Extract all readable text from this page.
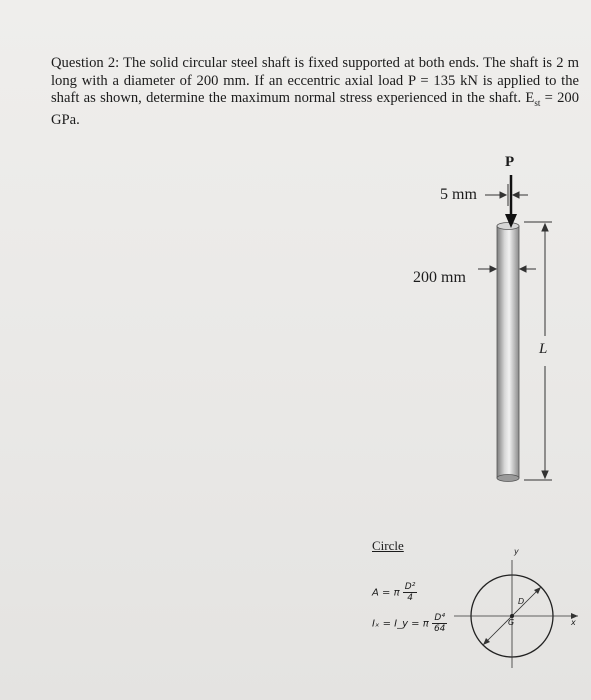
Question 2: The solid circular steel shaft is fixed supported at both ends. The shaft is 2 m long with a diameter of 200 mm. If an eccentric axial load P = 135 kN is applied to the shaft as shown, determine the maximum normal stress experienced in the shaft. $E_{st} = 200$ GPa.
P
5 mm
200 mm
L
Circle
A = π $\frac{\text{D²}}{4}$
Iₓ = I_y = π $\frac{\text{D⁴}}{64}$
y
x
D
G
